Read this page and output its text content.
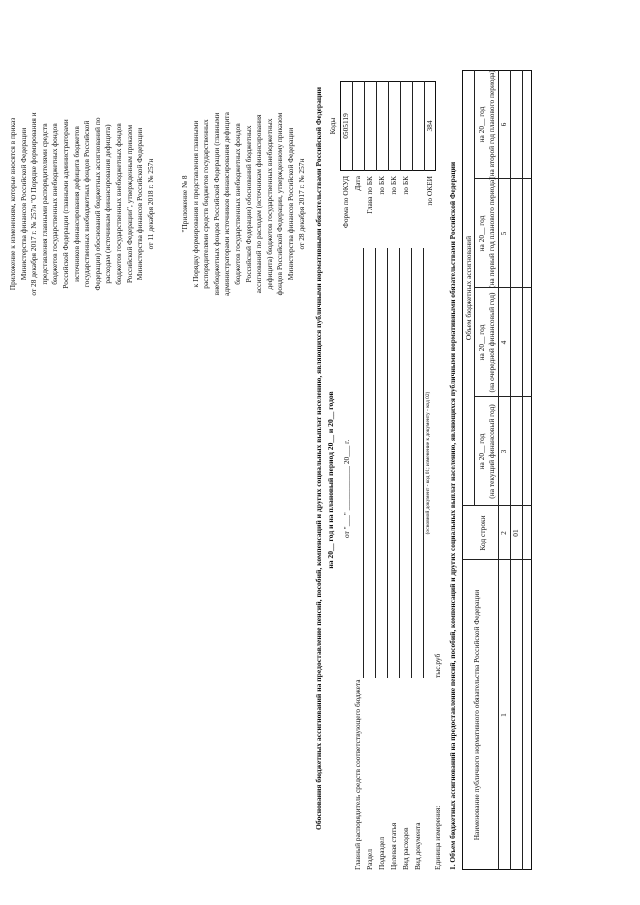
Приложение к изменениям, которые вносятся в приказ Министерства финансов Российской Федерации от 28 декабря 2017 г. № 257н "О Порядке формирования и представления главными распорядителями средств бюджетов государственных внебюджетных фондов Российской Федерации (главными администраторами источников финансирования дефицита бюджетов государственных внебюджетных фондов Российской Федерации) обоснований бюджетных ассигнований по расходам (источникам финансирования дефицита) бюджетов государственных внебюджетных фондов Российской Федерации", утвержденным приказом Министерства финансов Российской Федерации от 11 декабря 2018 г. № 257н	"Приложение № 8 к Порядку формирования и представления главными распорядителями средств бюджетов государственных внебюджетных фондов Российской Федерации (главными администраторами источников финансирования дефицита бюджетов государственных внебюджетных фондов Российской Федерации) обоснований бюджетных ассигнований по расходам (источникам финансирования дефицита) бюджетов государственных внебюджетных фондов Российской Федерации, утвержденному приказом Министерства финансов Российской Федерации от 28 декабря 2017 г. № 257н Обоснования бюджетных ассигнований на предоставление пенсий, пособий, компенсаций и других социальных выплат населению, являющихся публичными нормативными обязательствами Российской Федерации на 20__ год и на плановый период 20__ и 20__ годов от "___" ____________ 20___ г.
Коды
Форма по ОКУД
0505119
Дата Глава по БК по БК по БК по БК по ОКЕИ
384
Главный распорядитель средств соответствующего бюджета Раздел Подраздел Целевая статья Вид расходов Вид документа
(основной документ - код 01; изменение к документу - код 02)
Единица измерения:
тыс.руб 1. Объем бюджетных ассигнований на предоставление пенсий, пособий, компенсаций и других социальных выплат населению, являющихся публичными нормативными обязательствами Российской Федерации Наименование публичного нормативного обязательства Российской Федерации
Код строки
Объем бюджетных ассигнований
на 20__ год (на текущий финансовый год)
на 20__ год (на очередной финансовый год)
на 20__ год (на первый год планового периода)
на 20__ год (на второй год планового периода)
1
2
3
4
5
6
01
